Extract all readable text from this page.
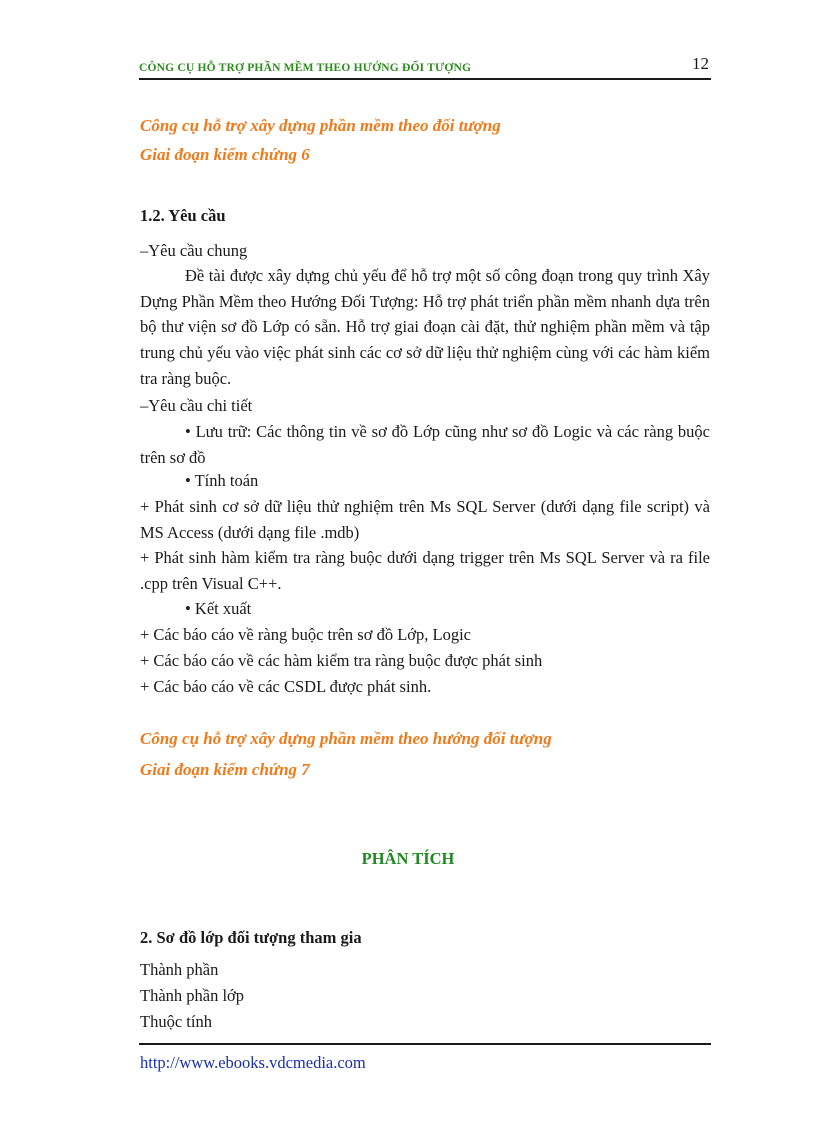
CÔNG CỤ HỖ TRỢ PHẦN MỀM THEO HƯỚNG ĐỐI TƯỢNG	12
Công cụ hỗ trợ xây dựng phần mềm theo đối tượng
Giai đoạn kiểm chứng 6
1.2. Yêu cầu
–Yêu cầu chung
Đề tài được xây dựng chủ yếu để hỗ trợ một số công đoạn trong quy trình Xây Dựng Phần Mềm theo Hướng Đối Tượng: Hỗ trợ phát triển phần mềm nhanh dựa trên bộ thư viện sơ đồ Lớp có sẵn. Hỗ trợ giai đoạn cài đặt, thử nghiệm phần mềm và tập trung chủ yếu vào việc phát sinh các cơ sở dữ liệu thử nghiệm cùng với các hàm kiểm tra ràng buộc.
–Yêu cầu chi tiết
• Lưu trữ: Các thông tin về sơ đồ Lớp cũng như sơ đồ Logic và các ràng buộc trên sơ đồ
• Tính toán
+ Phát sinh cơ sở dữ liệu thử nghiệm trên Ms SQL Server (dưới dạng file script) và MS Access (dưới dạng file .mdb)
+ Phát sinh hàm kiểm tra ràng buộc dưới dạng trigger trên Ms SQL Server và ra file .cpp trên Visual C++.
• Kết xuất
+ Các báo cáo về ràng buộc trên sơ đồ Lớp, Logic
+ Các báo cáo về các hàm kiểm tra ràng buộc được phát sinh
+ Các báo cáo về các CSDL được phát sinh.
Công cụ hỗ trợ xây dựng phần mềm theo hướng đối tượng
Giai đoạn kiểm chứng 7
PHÂN TÍCH
2. Sơ đồ lớp đối tượng tham gia
Thành phần
Thành phần lớp
Thuộc tính
http://www.ebooks.vdcmedia.com
